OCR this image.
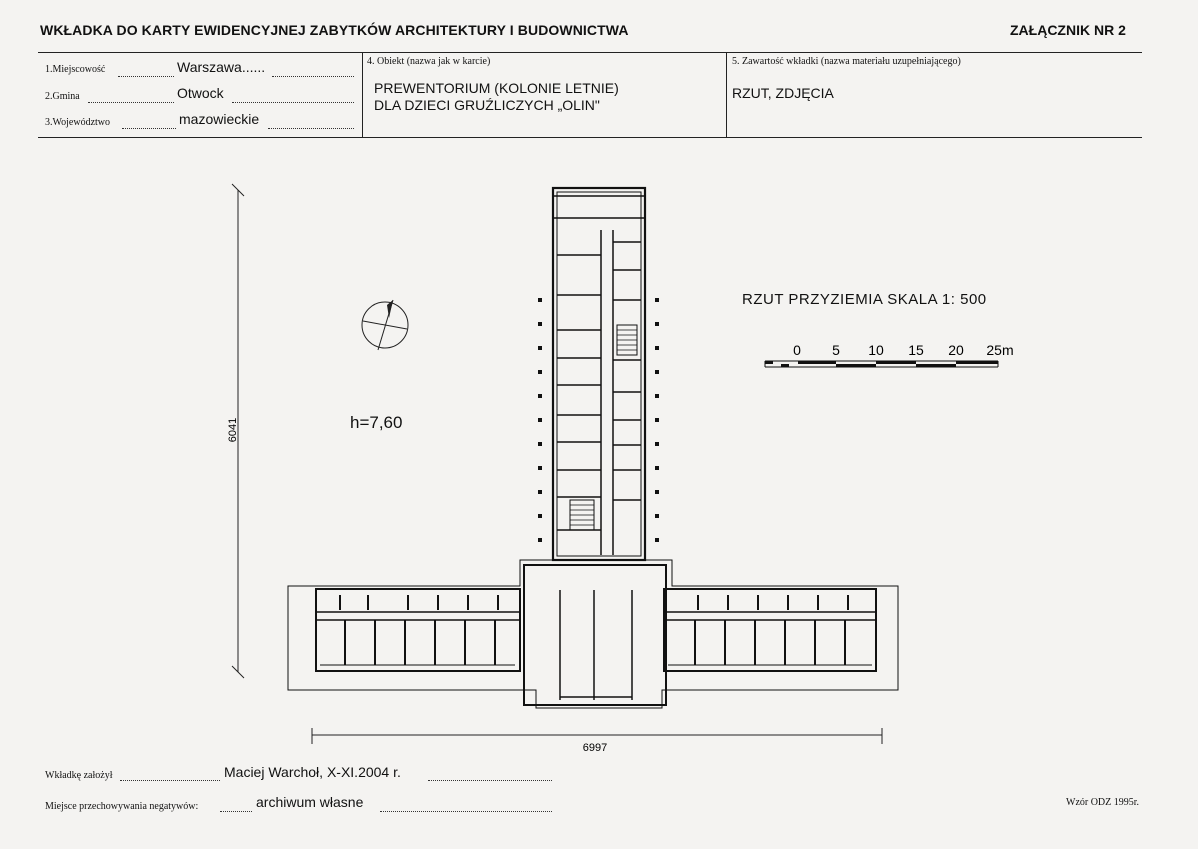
WKŁADKA DO KARTY EWIDENCYJNEJ ZABYTKÓW ARCHITEKTURY I BUDOWNICTWA	ZAŁĄCZNIK NR 2
1.Miejscowość	Warszawa......
2.Gmina	Otwock
3.Województwo	mazowieckie
4. Obiekt (nazwa jak w karcie)
PREWENTORIUM (KOLONIE LETNIE)
DLA DZIECI GRUŹLICZYCH „OLIN"
5. Zawartość wkładki (nazwa materiału uzupełniającego)
RZUT, ZDJĘCIA
RZUT PRZYZIEMIA SKALA 1: 500
h=7,60
6041
6997
0 5 10 15 20 25m
Wkładkę założył	Maciej Warchoł, X-XI.2004 r.
Miejsce przechowywania negatywów:	archiwum własne	Wzór ODZ 1995r.
